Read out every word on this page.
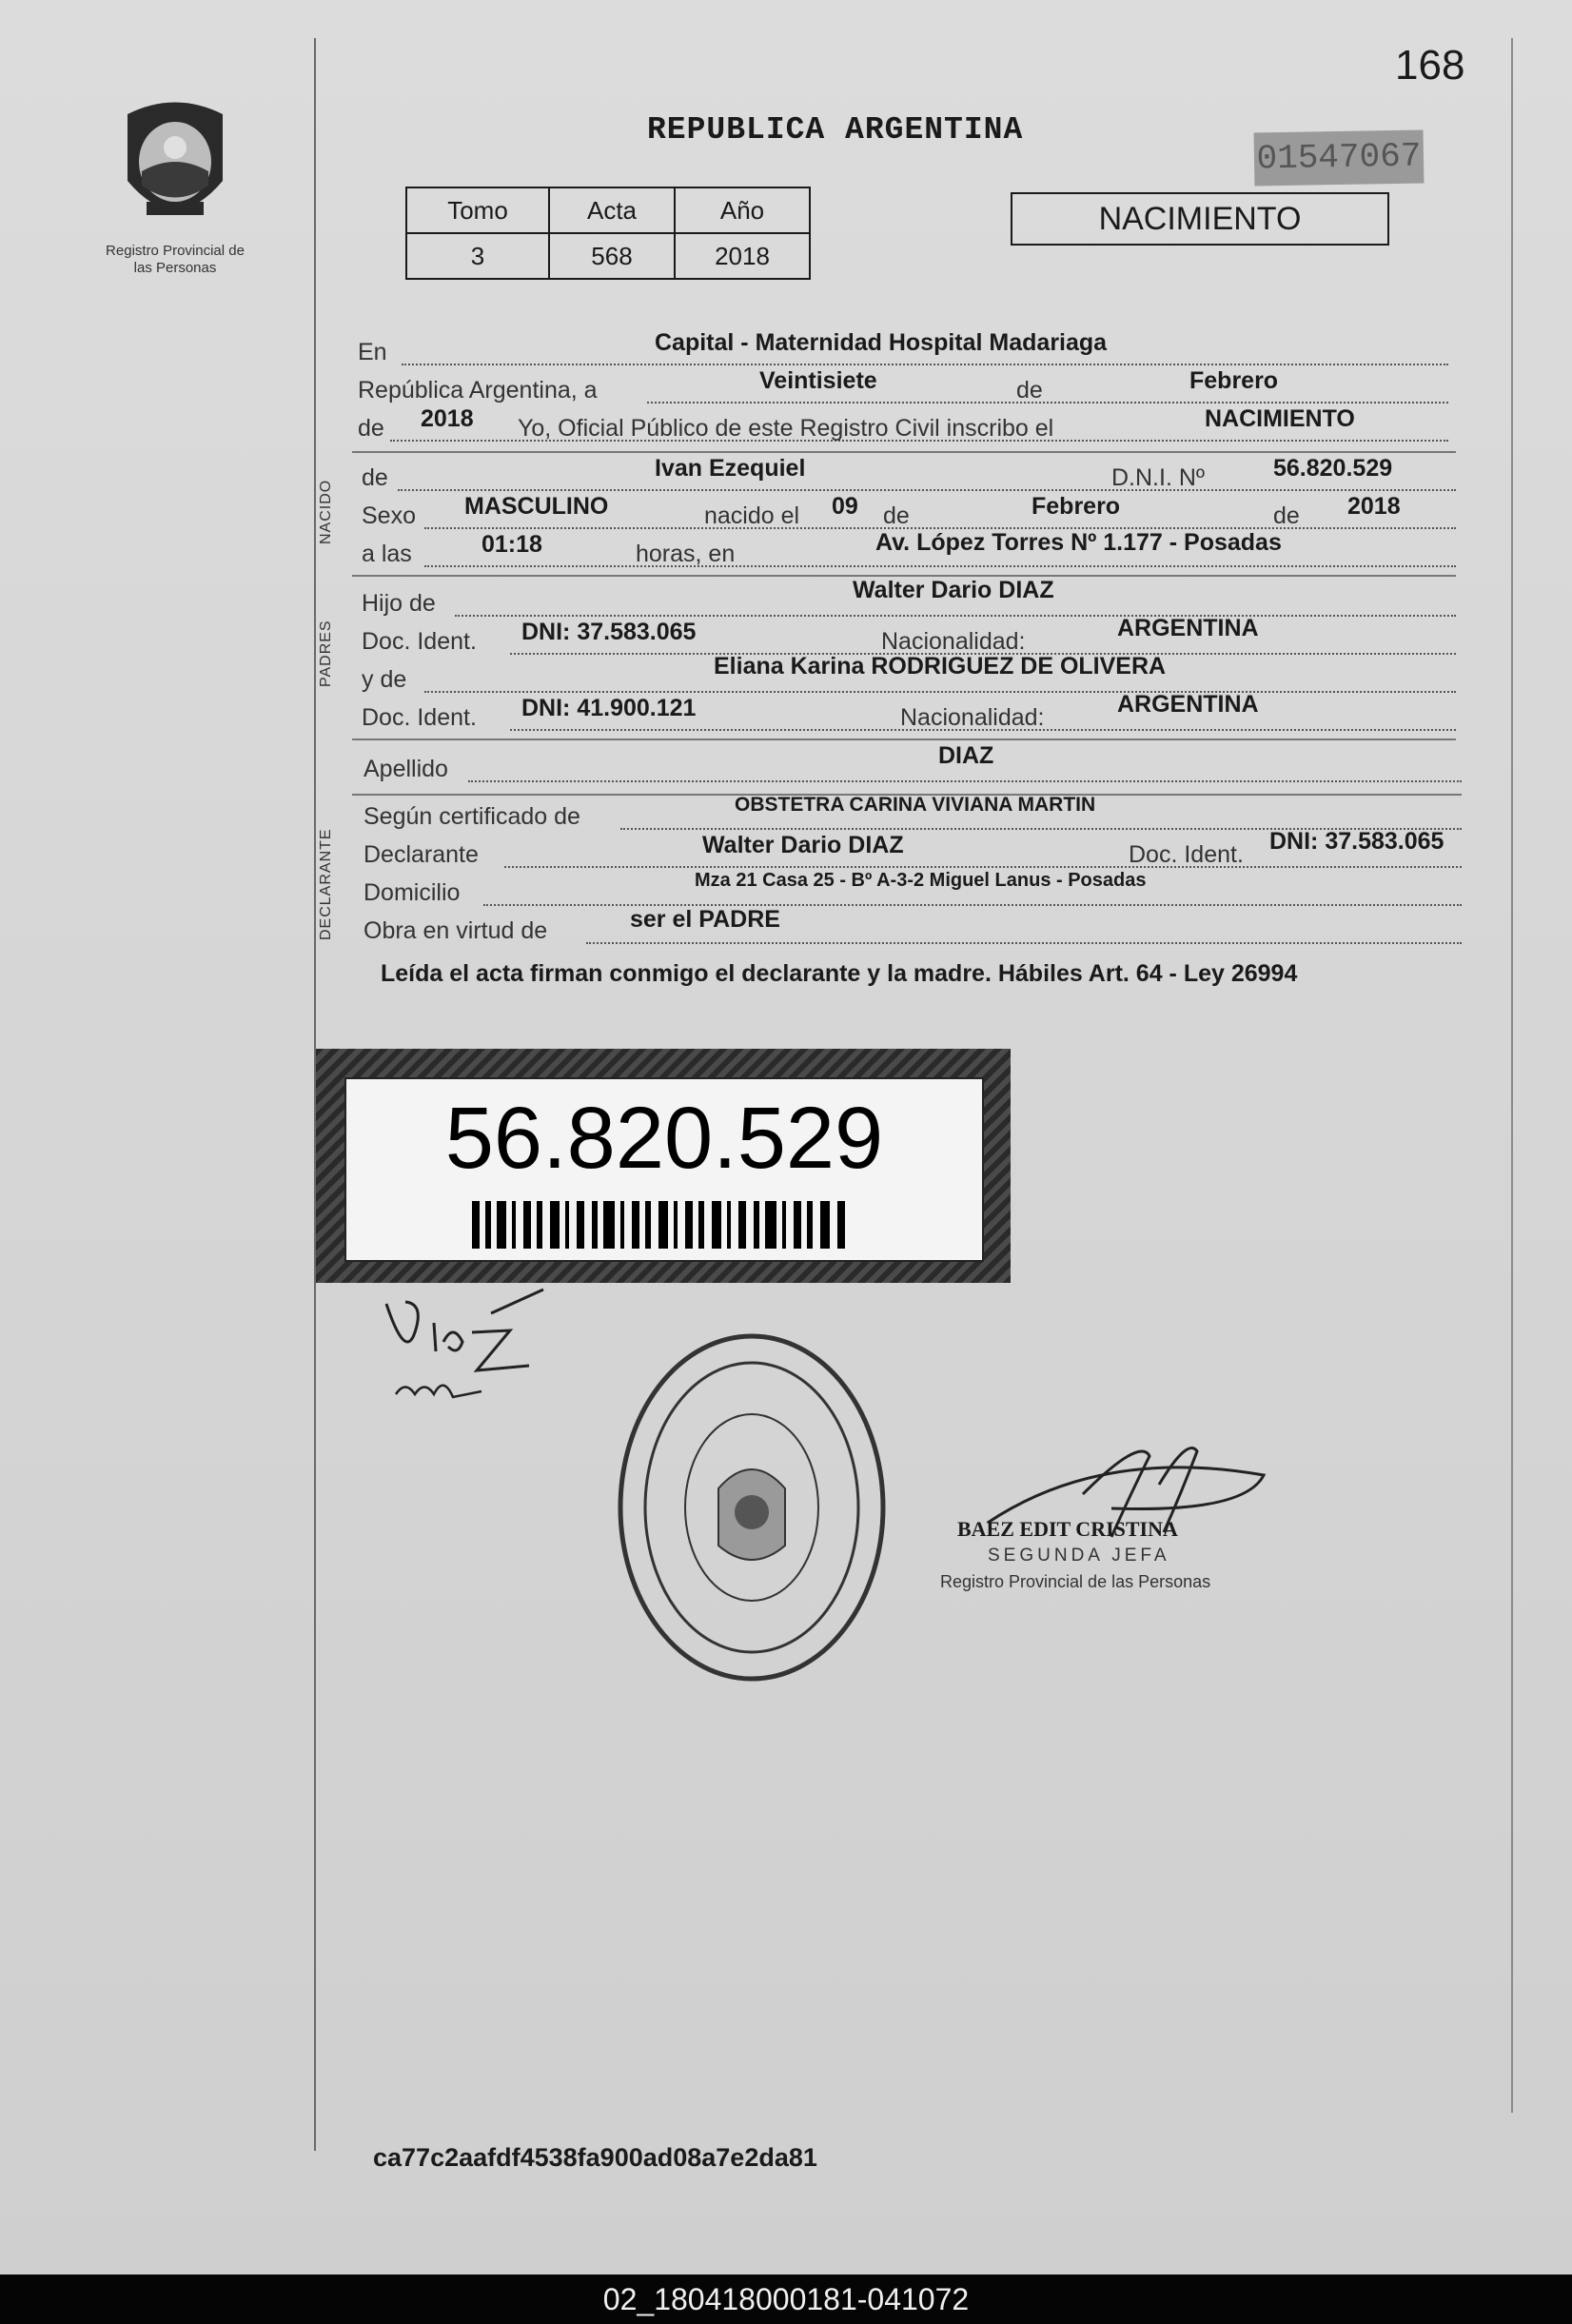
168
01547067
Registro Provincial de las Personas
REPUBLICA ARGENTINA
Tomo	Acta	Año
3	568	2018
NACIMIENTO
En	Capital - Maternidad Hospital Madariaga
República Argentina, a	Veintisiete	de	Febrero
de 2018 Yo, Oficial Público de este Registro Civil inscribo el	NACIMIENTO
NACIDO
de	Ivan Ezequiel	D.N.I. Nº	56.820.529
Sexo MASCULINO	nacido el 09 de	Febrero	de 2018
a las	01:18	horas, en	Av. López Torres Nº 1.177 - Posadas
PADRES
Hijo de	Walter Dario DIAZ
Doc. Ident. DNI: 37.583.065	Nacionalidad:	ARGENTINA
y de	Eliana Karina RODRIGUEZ DE OLIVERA
Doc. Ident. DNI: 41.900.121	Nacionalidad:	ARGENTINA
Apellido	DIAZ
DECLARANTE
Según certificado de	OBSTETRA CARINA VIVIANA MARTIN
Declarante	Walter Dario DIAZ	Doc. Ident. DNI: 37.583.065
Domicilio	Mza 21 Casa 25 - Bº A-3-2 Miguel Lanus - Posadas
Obra en virtud de	ser el PADRE
Leída el acta firman conmigo el declarante y la madre. Hábiles Art. 64 - Ley 26994
56.820.529
BAEZ EDIT CRISTINA
SEGUNDA JEFA
Registro Provincial de las Personas
ca77c2aafdf4538fa900ad08a7e2da81
02_180418000181-041072
